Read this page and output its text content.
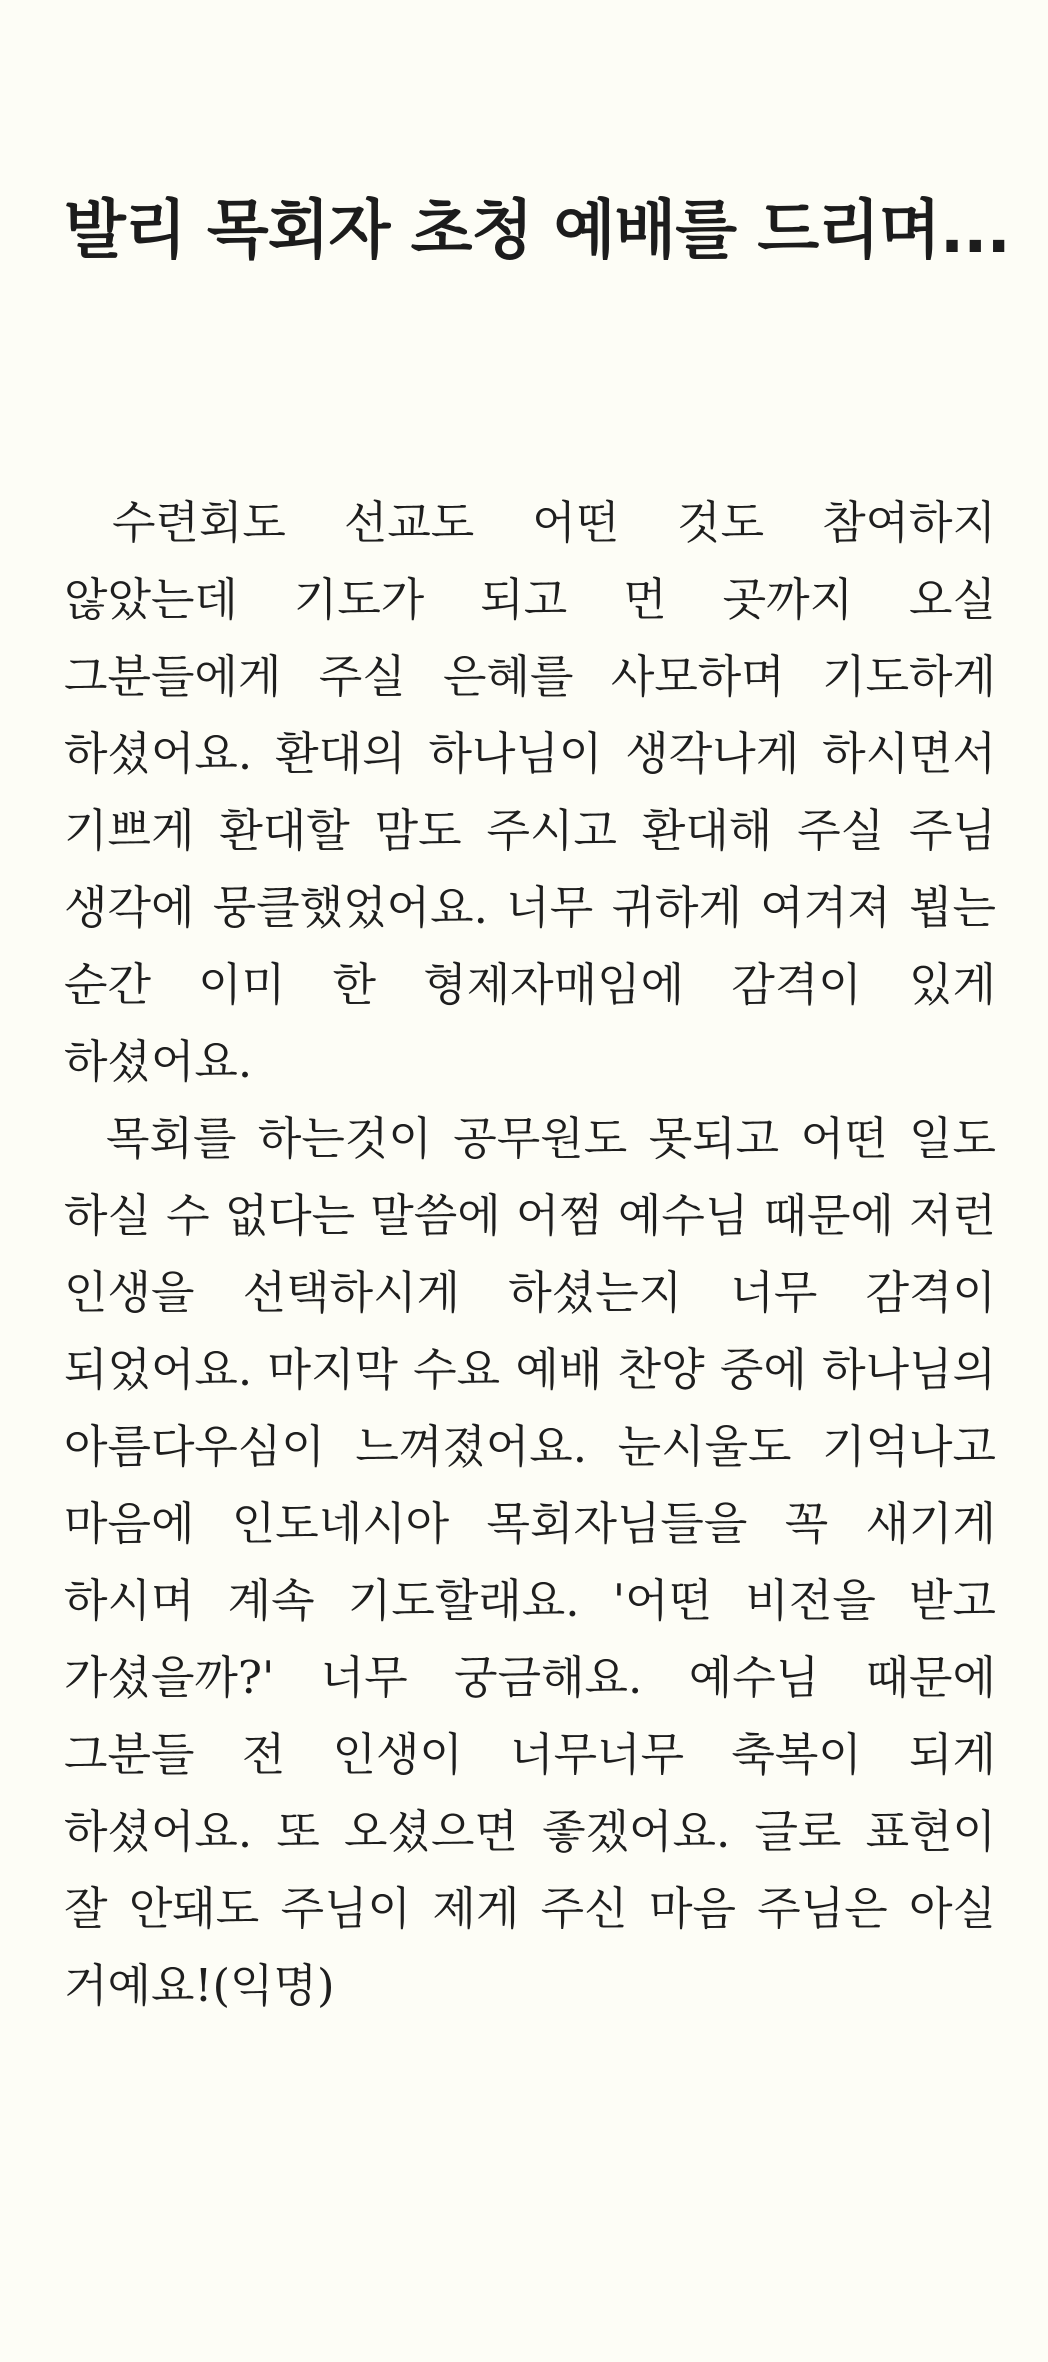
발리 목회자 초청 예배를 드리며...

수련회도 선교도 어떤 것도 참여하지 않았는데 기도가 되고 먼 곳까지 오실 그분들에게 주실 은혜를 사모하며 기도하게 하셨어요. 환대의 하나님이 생각나게 하시면서 기쁘게 환대할 맘도 주시고 환대해 주실 주님 생각에 뭉클했었어요. 너무 귀하게 여겨져 뵙는 순간 이미 한 형제자매임에 감격이 있게 하셨어요.

목회를 하는것이 공무원도 못되고 어떤 일도 하실 수 없다는 말씀에 어쩜 예수님 때문에 저런 인생을 선택하시게 하셨는지 너무 감격이 되었어요. 마지막 수요 예배 찬양 중에 하나님의 아름다우심이 느껴졌어요. 눈시울도 기억나고 마음에 인도네시아 목회자님들을 꼭 새기게 하시며 계속 기도할래요. '어떤 비전을 받고 가셨을까?' 너무 궁금해요. 예수님 때문에 그분들 전 인생이 너무너무 축복이 되게 하셨어요. 또 오셨으면 좋겠어요. 글로 표현이 잘 안돼도 주님이 제게 주신 마음 주님은 아실 거예요!(익명)
